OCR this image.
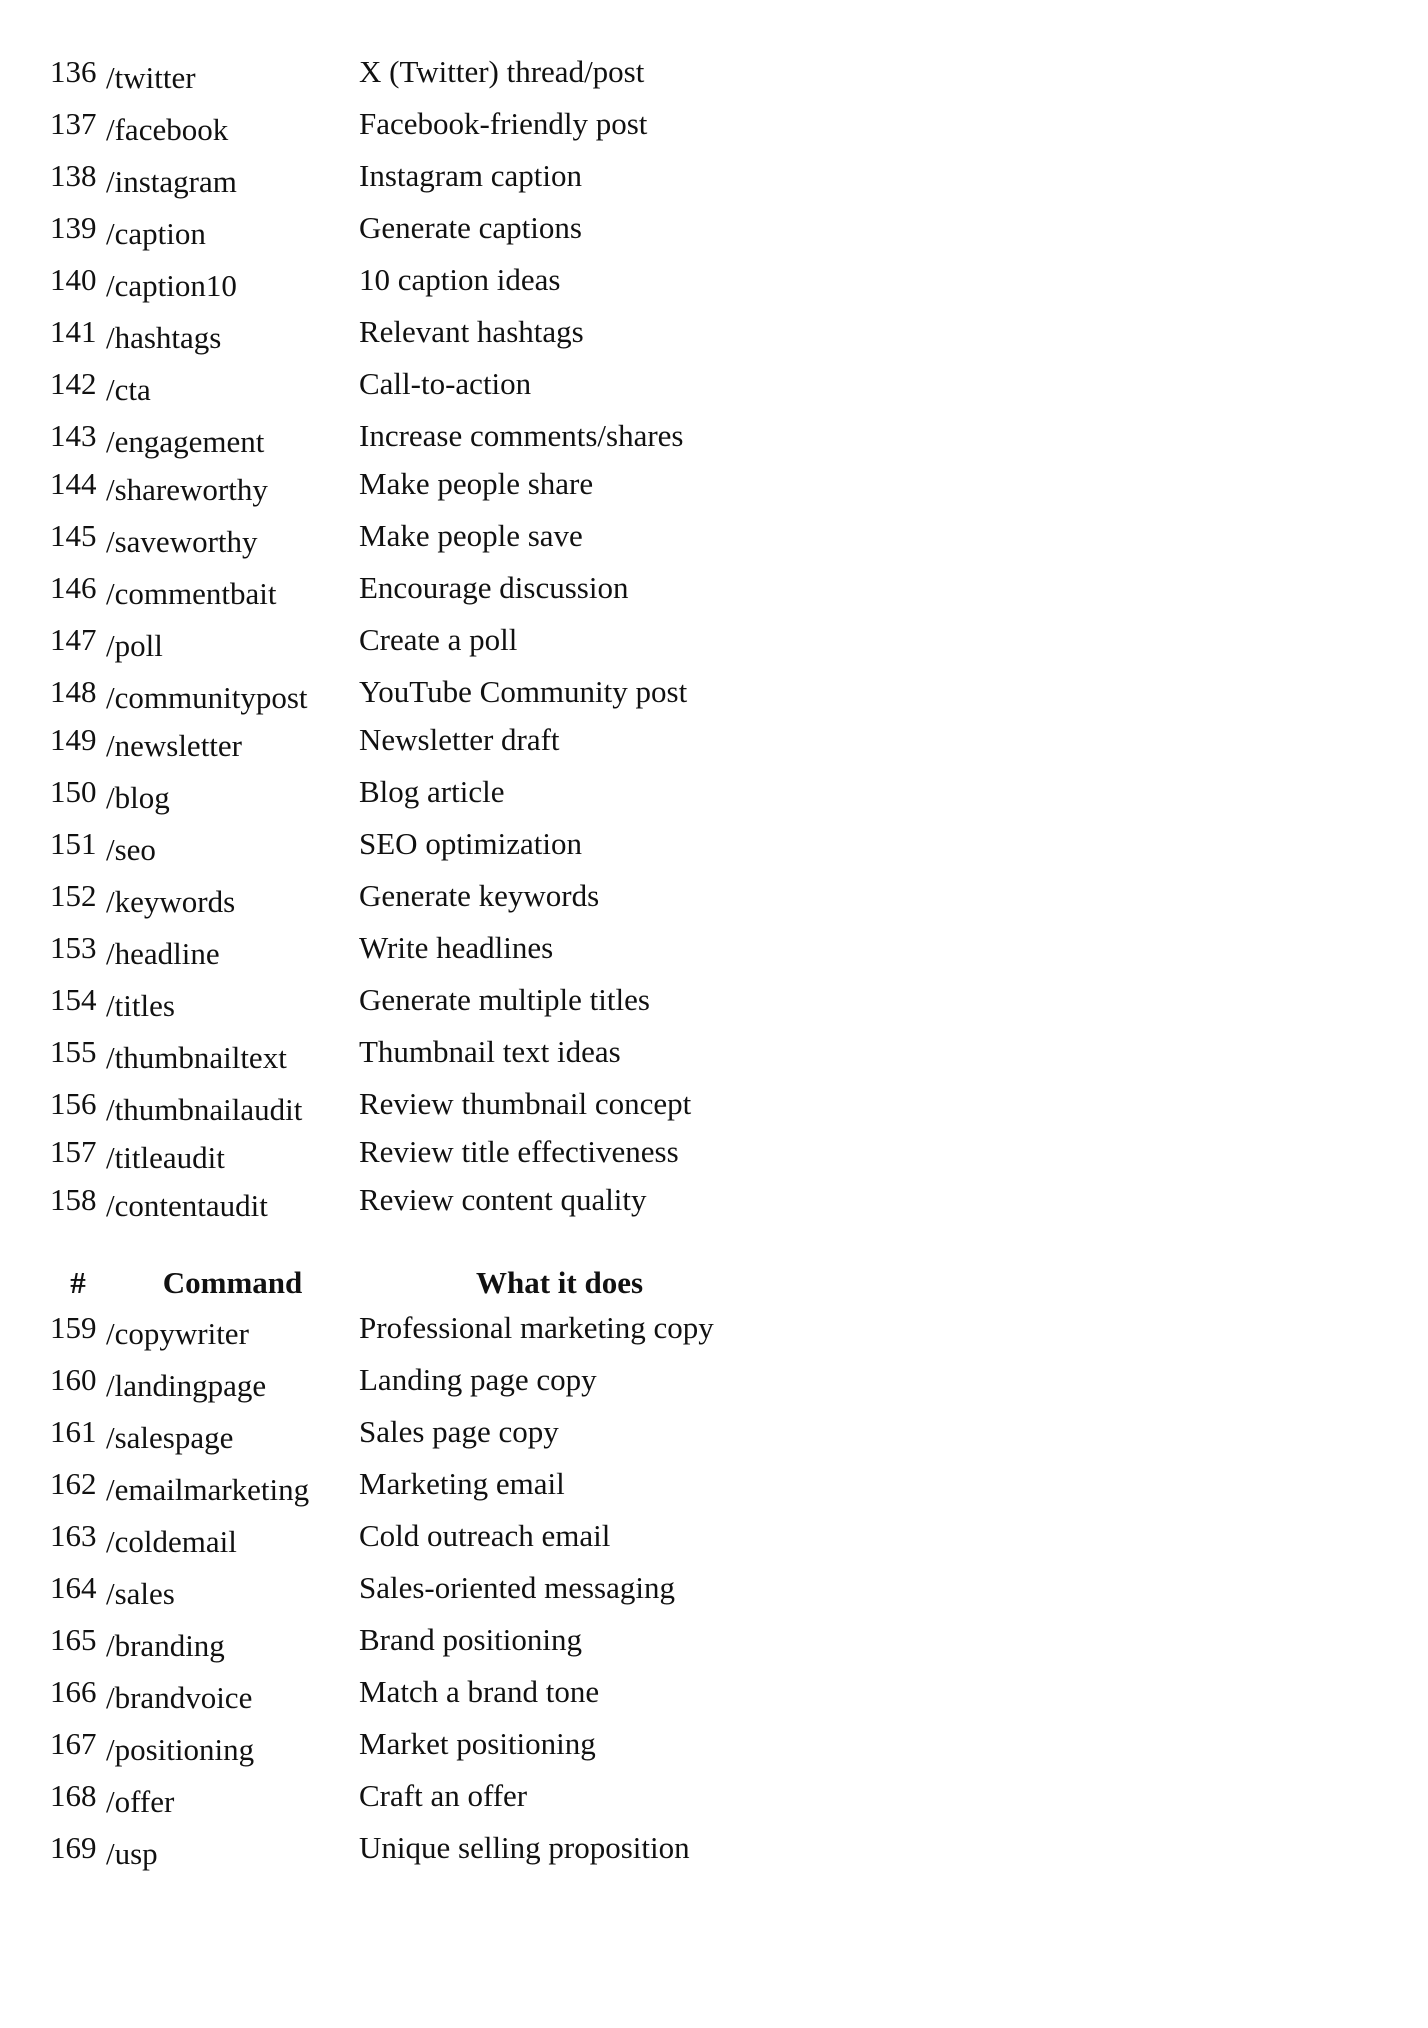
136	/twitter	X (Twitter) thread/post
137	/facebook	Facebook-friendly post
138	/instagram	Instagram caption
139	/caption	Generate captions
140	/caption10	10 caption ideas
141	/hashtags	Relevant hashtags
142	/cta	Call-to-action
143	/engagement	Increase comments/shares
144	/shareworthy	Make people share
145	/saveworthy	Make people save
146	/commentbait	Encourage discussion
147	/poll	Create a poll
148	/communitypost	YouTube Community post
149	/newsletter	Newsletter draft
150	/blog	Blog article
151	/seo	SEO optimization
152	/keywords	Generate keywords
153	/headline	Write headlines
154	/titles	Generate multiple titles
155	/thumbnailtext	Thumbnail text ideas
156	/thumbnailaudit	Review thumbnail concept
157	/titleaudit	Review title effectiveness
158	/contentaudit	Review content quality
#	Command	What it does
159	/copywriter	Professional marketing copy
160	/landingpage	Landing page copy
161	/salespage	Sales page copy
162	/emailmarketing	Marketing email
163	/coldemail	Cold outreach email
164	/sales	Sales-oriented messaging
165	/branding	Brand positioning
166	/brandvoice	Match a brand tone
167	/positioning	Market positioning
168	/offer	Craft an offer
169	/usp	Unique selling proposition
